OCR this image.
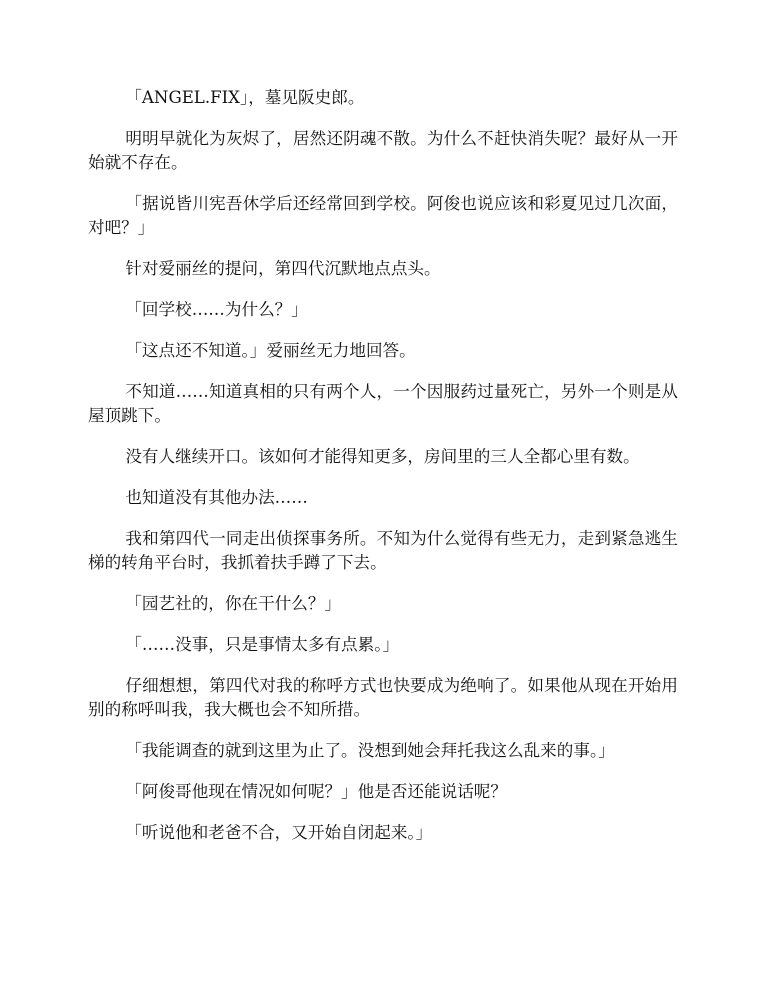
「ANGEL.FIX」，墓见阪史郎。

明明早就化为灰烬了，居然还阴魂不散。为什么不赶快消失呢？最好从一开始就不存在。

「据说皆川宪吾休学后还经常回到学校。阿俊也说应该和彩夏见过几次面，对吧？」

针对爱丽丝的提问，第四代沉默地点点头。

「回学校……为什么？」

「这点还不知道。」爱丽丝无力地回答。

不知道……知道真相的只有两个人，一个因服药过量死亡，另外一个则是从屋顶跳下。

没有人继续开口。该如何才能得知更多，房间里的三人全都心里有数。

也知道没有其他办法……

我和第四代一同走出侦探事务所。不知为什么觉得有些无力，走到紧急逃生梯的转角平台时，我抓着扶手蹲了下去。

「园艺社的，你在干什么？」

「……没事，只是事情太多有点累。」

仔细想想，第四代对我的称呼方式也快要成为绝响了。如果他从现在开始用别的称呼叫我，我大概也会不知所措。

「我能调查的就到这里为止了。没想到她会拜托我这么乱来的事。」

「阿俊哥他现在情况如何呢？」他是否还能说话呢？

「听说他和老爸不合，又开始自闭起来。」
